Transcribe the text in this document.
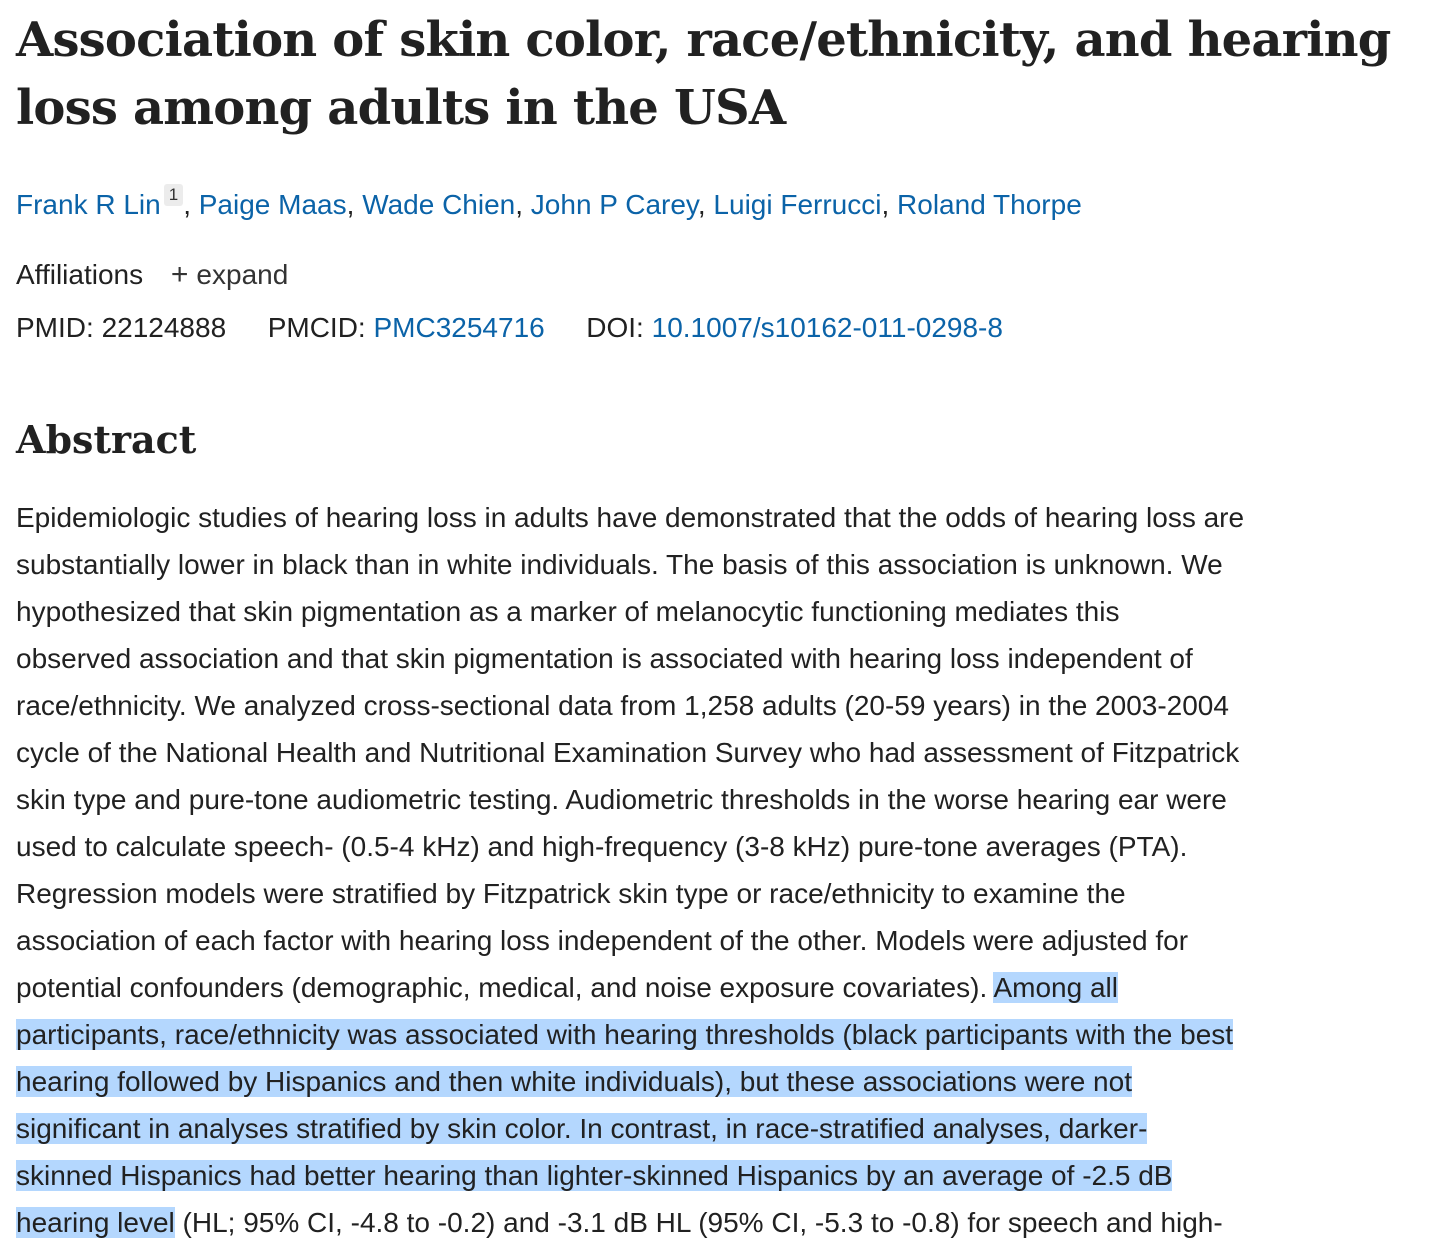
Association of skin color, race/ethnicity, and hearing loss among adults in the USA
Frank R Lin 1 , Paige Maas, Wade Chien, John P Carey, Luigi Ferrucci, Roland Thorpe
Affiliations + expand
PMID: 22124888 PMCID: PMC3254716 DOI: 10.1007/s10162-011-0298-8
Abstract
Epidemiologic studies of hearing loss in adults have demonstrated that the odds of hearing loss are
substantially lower in black than in white individuals. The basis of this association is unknown. We
hypothesized that skin pigmentation as a marker of melanocytic functioning mediates this
observed association and that skin pigmentation is associated with hearing loss independent of
race/ethnicity. We analyzed cross-sectional data from 1,258 adults (20-59 years) in the 2003-2004
cycle of the National Health and Nutritional Examination Survey who had assessment of Fitzpatrick
skin type and pure-tone audiometric testing. Audiometric thresholds in the worse hearing ear were
used to calculate speech- (0.5-4 kHz) and high-frequency (3-8 kHz) pure-tone averages (PTA).
Regression models were stratified by Fitzpatrick skin type or race/ethnicity to examine the
association of each factor with hearing loss independent of the other. Models were adjusted for
potential confounders (demographic, medical, and noise exposure covariates). Among all
participants, race/ethnicity was associated with hearing thresholds (black participants with the best
hearing followed by Hispanics and then white individuals), but these associations were not
significant in analyses stratified by skin color. In contrast, in race-stratified analyses, darker-
skinned Hispanics had better hearing than lighter-skinned Hispanics by an average of -2.5 dB
hearing level (HL; 95% CI, -4.8 to -0.2) and -3.1 dB HL (95% CI, -5.3 to -0.8) for speech and high-
